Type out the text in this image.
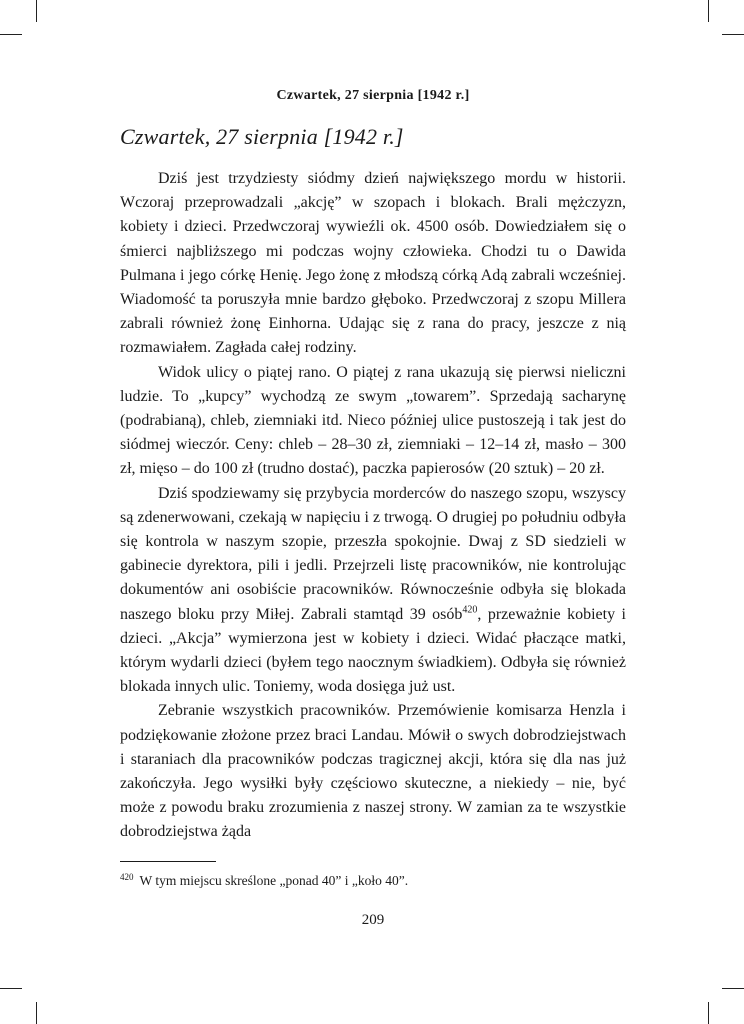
Czwartek, 27 sierpnia [1942 r.]
Czwartek, 27 sierpnia [1942 r.]

Dziś jest trzydziesty siódmy dzień największego mordu w historii. Wczoraj przeprowadzali „akcję” w szopach i blokach. Brali mężczyzn, kobiety i dzieci. Przedwczoraj wywieźli ok. 4500 osób. Dowiedziałem się o śmierci najbliższego mi podczas wojny człowieka. Chodzi tu o Dawida Pulmana i jego córkę Henię. Jego żonę z młodszą córką Adą zabrali wcześniej. Wiadomość ta poruszyła mnie bardzo głęboko. Przedwczoraj z szopu Millera zabrali również żonę Einhorna. Udając się z rana do pracy, jeszcze z nią rozmawiałem. Zagłada całej rodziny.

Widok ulicy o piątej rano. O piątej z rana ukazują się pierwsi nieliczni ludzie. To „kupcy” wychodzą ze swym „towarem”. Sprzedają sacharynę (podrabianą), chleb, ziemniaki itd. Nieco później ulice pustoszeją i tak jest do siódmej wieczór. Ceny: chleb – 28–30 zł, ziemniaki – 12–14 zł, masło – 300 zł, mięso – do 100 zł (trudno dostać), paczka papierosów (20 sztuk) – 20 zł.

Dziś spodziewamy się przybycia morderców do naszego szopu, wszyscy są zdenerwowani, czekają w napięciu i z trwogą. O drugiej po południu odbyła się kontrola w naszym szopie, przeszła spokojnie. Dwaj z SD siedzieli w gabinecie dyrektora, pili i jedli. Przejrzeli listę pracowników, nie kontrolując dokumentów ani osobiście pracowników. Równocześnie odbyła się blokada naszego bloku przy Miłej. Zabrali stamtąd 39 osób$^{420}$, przeważnie kobiety i dzieci. „Akcja” wymierzona jest w kobiety i dzieci. Widać płaczące matki, którym wydarli dzieci (byłem tego naocznym świadkiem). Odbyła się również blokada innych ulic. Toniemy, woda dosięga już ust.

Zebranie wszystkich pracowników. Przemówienie komisarza Henzla i podziękowanie złożone przez braci Landau. Mówił o swych dobrodziejstwach i staraniach dla pracowników podczas tragicznej akcji, która się dla nas już zakończyła. Jego wysiłki były częściowo skuteczne, a niekiedy – nie, być może z powodu braku zrozumienia z naszej strony. W zamian za te wszystkie dobrodziejstwa żąda

$^{420}$ W tym miejscu skreślone „ponad 40” i „koło 40”.
209
